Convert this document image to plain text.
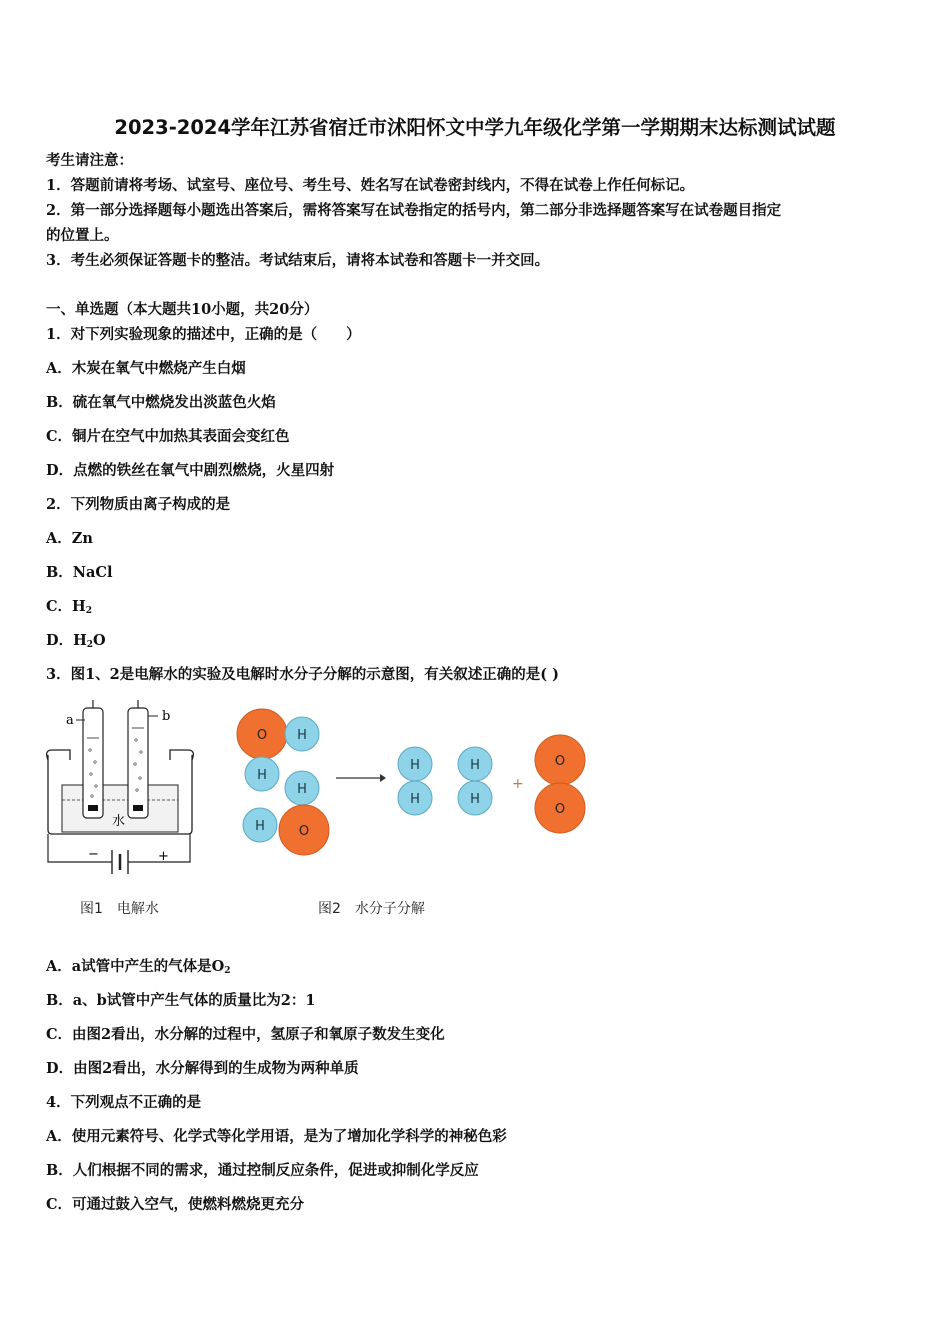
2023-2024学年江苏省宿迁市沭阳怀文中学九年级化学第一学期期末达标测试试题
考生请注意：
1．答题前请将考场、试室号、座位号、考生号、姓名写在试卷密封线内，不得在试卷上作任何标记。
2．第一部分选择题每小题选出答案后，需将答案写在试卷指定的括号内，第二部分非选择题答案写在试卷题目指定
的位置上。
3．考生必须保证答题卡的整洁。考试结束后，请将本试卷和答题卡一并交回。
一、单选题（本大题共10小题，共20分）
1．对下列实验现象的描述中，正确的是（　　）
A．木炭在氧气中燃烧产生白烟
B．硫在氧气中燃烧发出淡蓝色火焰
C．铜片在空气中加热其表面会变红色
D．点燃的铁丝在氧气中剧烈燃烧，火星四射
2．下列物质由离子构成的是
A．Zn
B．NaCl
C．$H_2$
D．$H_2O$
3．图1、2是电解水的实验及电解时水分子分解的示意图，有关叙述正确的是( )
a	b
水
−	+
O H
H
H
H	O
H
H
H
H
O
O
+
图1　电解水	图2　水分子分解
A．a试管中产生的气体是$O_2$
B．a、b试管中产生气体的质量比为2：1
C．由图2看出，水分解的过程中，氢原子和氧原子数发生变化
D．由图2看出，水分解得到的生成物为两种单质
4．下列观点不正确的是
A．使用元素符号、化学式等化学用语，是为了增加化学科学的神秘色彩
B．人们根据不同的需求，通过控制反应条件，促进或抑制化学反应
C．可通过鼓入空气，使燃料燃烧更充分
